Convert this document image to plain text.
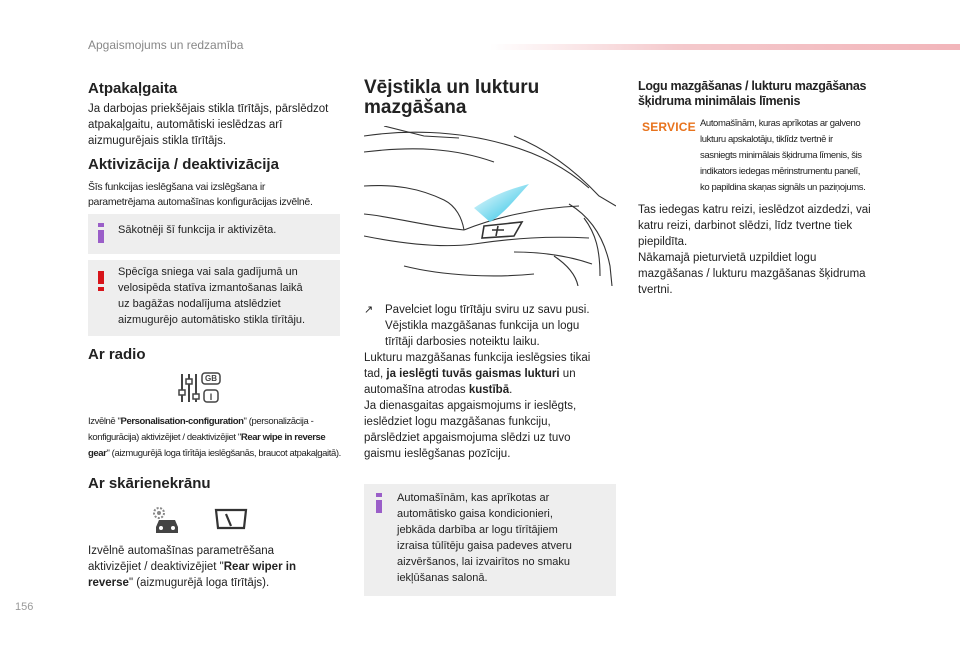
Apgaismojums un redzamība
Atpakaļgaita
Ja darbojas priekšējais stikla tīrītājs, pārslēdzot
atpakaļgaitu, automātiski ieslēdzas arī
aizmugurējais stikla tīrītājs.
Aktivizācija / deaktivizācija
Šīs funkcijas ieslēgšana vai izslēgšana ir
parametrējama automašīnas konfigurācijas izvēlnē.
Sākotnēji šī funkcija ir aktivizēta.
Spēcīga sniega vai sala gadījumā un
velosipēda statīva izmantošanas laikā
uz bagāžas nodalījuma atslēdziet
aizmugurējo automātisko stikla tīrītāju.
Ar radio
GB
I
Izvēlnē "Personalisation-configuration" (personalizācija -
konfigurācija) aktivizējiet / deaktivizējiet "Rear wipe in reverse
gear" (aizmugurējā loga tīrītāja ieslēgšanās, braucot atpakaļgaitā).
Ar skārienekrānu
Izvēlnē automašīnas parametrēšana
aktivizējiet / deaktivizējiet "Rear wiper in
reverse" (aizmugurējā loga tīrītājs).
Vējstikla un lukturu
mazgāšana
↗ Pavelciet logu tīrītāju sviru uz savu pusi.
Vējstikla mazgāšanas funkcija un logu
tīrītāji darbosies noteiktu laiku.
Lukturu mazgāšanas funkcija ieslēgsies tikai
tad, ja ieslēgti tuvās gaismas lukturi un
automašīna atrodas kustībā.
Ja dienasgaitas apgaismojums ir ieslēgts,
ieslēdziet logu mazgāšanas funkciju,
pārslēdziet apgaismojuma slēdzi uz tuvo
gaismu ieslēgšanas pozīciju.
Automašīnām, kas aprīkotas ar
automātisko gaisa kondicionieri,
jebkāda darbība ar logu tīrītājiem
izraisa tūlītēju gaisa padeves atveru
aizvēršanos, lai izvairītos no smaku
iekļūšanas salonā.
Logu mazgāšanas / lukturu mazgāšanas
šķidruma minimālais līmenis
SERVICE Automašīnām, kuras aprīkotas ar galveno
lukturu apskalotāju, tiklīdz tvertnē ir
sasniegts minimālais šķidruma līmenis, šis
indikators iedegas mērinstrumentu panelī,
ko papildina skaņas signāls un paziņojums.
Tas iedegas katru reizi, ieslēdzot aizdedzi, vai
katru reizi, darbinot slēdzi, līdz tvertne tiek
piepildīta.
Nākamajā pieturvietā uzpildiet logu
mazgāšanas / lukturu mazgāšanas šķidruma
tvertni.
156
